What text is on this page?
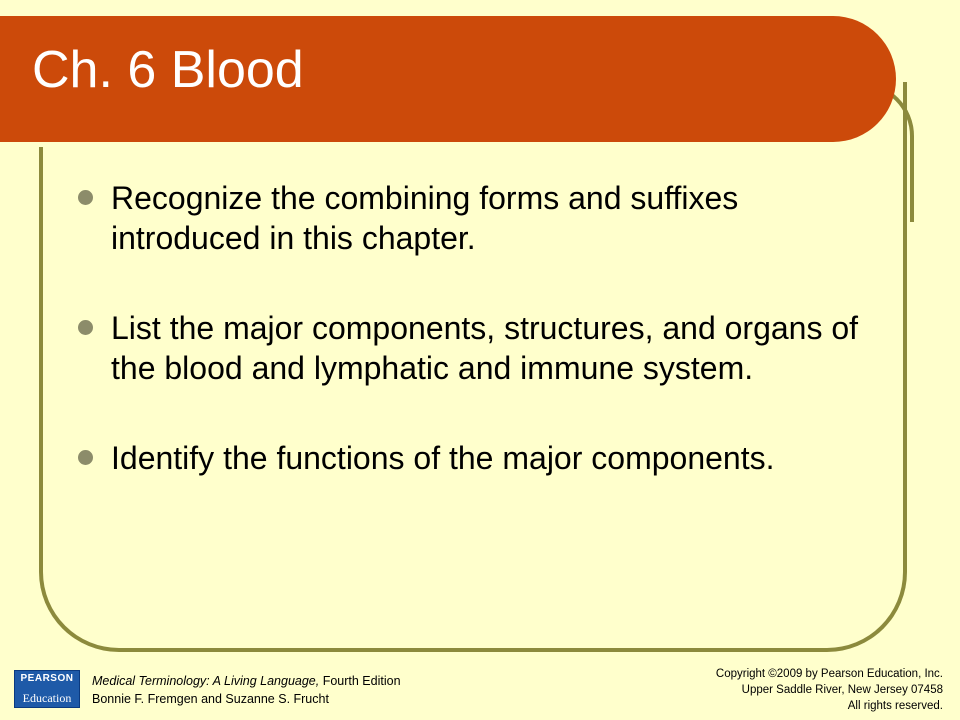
Ch. 6 Blood
Recognize the combining forms and suffixes introduced in this chapter.
List the major components, structures, and organs of the blood and lymphatic and immune system.
Identify the functions of the major components.
PEARSON
Education
Medical Terminology: A Living Language, Fourth Edition
Bonnie F. Fremgen and Suzanne S. Frucht
Copyright ©2009 by Pearson Education, Inc.
Upper Saddle River, New Jersey 07458
All rights reserved.
